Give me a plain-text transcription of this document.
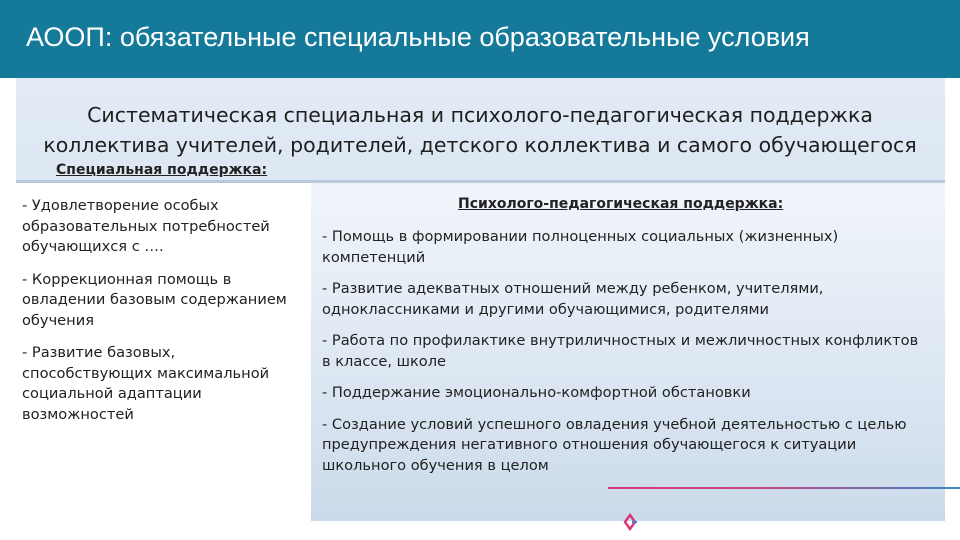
АООП: обязательные специальные образовательные условия
Систематическая специальная и психолого-педагогическая поддержка
коллектива учителей, родителей, детского коллектива и самого обучающегося
Специальная поддержка:

- Удовлетворение особых образовательных потребностей обучающихся с ….

- Коррекционная помощь в овладении базовым содержанием обучения

- Развитие базовых, способствующих максимальной социальной адаптации возможностей

Психолого-педагогическая поддержка:

- Помощь в формировании полноценных социальных (жизненных) компетенций

- Развитие адекватных отношений между ребенком, учителями, одноклассниками и другими обучающимися, родителями

- Работа по профилактике внутриличностных и межличностных конфликтов в классе, школе

- Поддержание эмоционально-комфортной обстановки

- Создание условий успешного овладения учебной деятельностью с целью предупреждения негативного отношения обучающегося к ситуации школьного обучения в целом
